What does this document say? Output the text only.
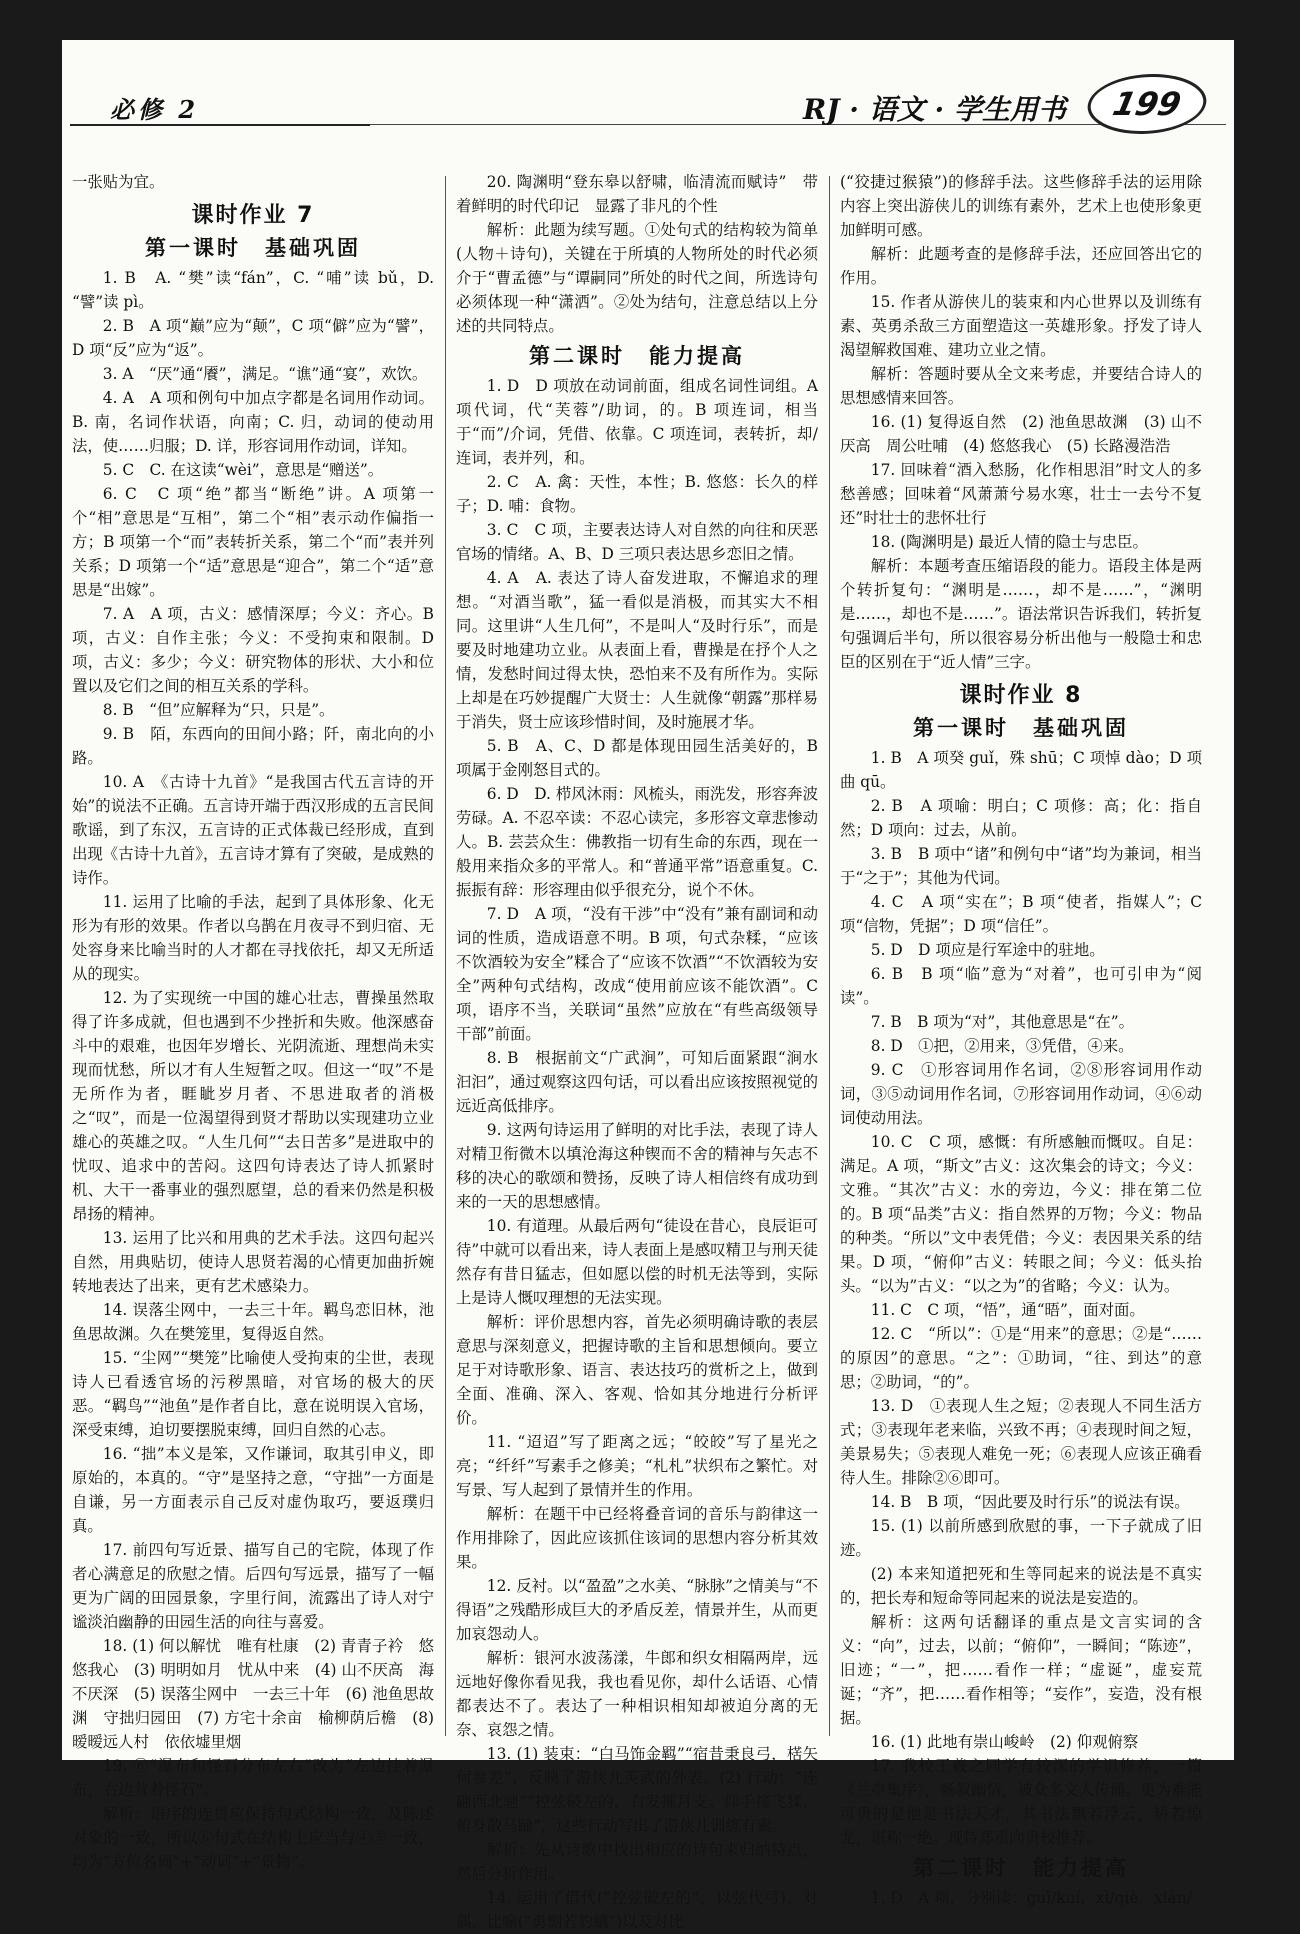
必修 2	RJ · 语文 · 学生用书 199

一张贴为宜。

课时作业 7
第一课时　基础巩固

1. B　A. “樊”读“fán”，C. “哺”读 bǔ，D. “譬”读 pì。

2. B　A 项“巅”应为“颠”，C 项“僻”应为“譬”，D 项“反”应为“返”。

3. A　“厌”通“餍”，满足。“谯”通“宴”，欢饮。

4. A　A 项和例句中加点字都是名词用作动词。B. 南，名词作状语，向南；C. 归，动词的使动用法，使……归服；D. 详，形容词用作动词，详知。

5. C　C. 在这读“wèi”，意思是“赠送”。

6. C　C 项“绝”都当“断绝”讲。A 项第一个“相”意思是“互相”，第二个“相”表示动作偏指一方；B 项第一个“而”表转折关系，第二个“而”表并列关系；D 项第一个“适”意思是“迎合”，第二个“适”意思是“出嫁”。

7. A　A 项，古义：感情深厚；今义：齐心。B 项，古义：自作主张；今义：不受拘束和限制。D 项，古义：多少；今义：研究物体的形状、大小和位置以及它们之间的相互关系的学科。

8. B　“但”应解释为“只，只是”。

9. B　陌，东西向的田间小路；阡，南北向的小路。

10. A　《古诗十九首》“是我国古代五言诗的开始”的说法不正确。五言诗开端于西汉形成的五言民间歌谣，到了东汉，五言诗的正式体裁已经形成，直到出现《古诗十九首》，五言诗才算有了突破，是成熟的诗作。

11. 运用了比喻的手法，起到了具体形象、化无形为有形的效果。作者以乌鹊在月夜寻不到归宿、无处容身来比喻当时的人才都在寻找依托，却又无所适从的现实。

12. 为了实现统一中国的雄心壮志，曹操虽然取得了许多成就，但也遇到不少挫折和失败。他深感奋斗中的艰难，也因年岁增长、光阴流逝、理想尚未实现而忧愁，所以才有人生短暂之叹。但这一“叹”不是无所作为者，睚眦岁月者、不思进取者的消极之“叹”，而是一位渴望得到贤才帮助以实现建功立业雄心的英雄之叹。“人生几何”“去日苦多”是进取中的忧叹、追求中的苦闷。这四句诗表达了诗人抓紧时机、大干一番事业的强烈愿望，总的看来仍然是积极昂扬的精神。

13. 运用了比兴和用典的艺术手法。这四句起兴自然，用典贴切，使诗人思贤若渴的心情更加曲折婉转地表达了出来，更有艺术感染力。

14. 误落尘网中，一去三十年。羁鸟恋旧林，池鱼思故渊。久在樊笼里，复得返自然。

15. “尘网”“樊笼”比喻使人受拘束的尘世，表现诗人已看透官场的污秽黑暗，对官场的极大的厌恶。“羁鸟”“池鱼”是作者自比，意在说明误入官场，深受束缚，迫切要摆脱束缚，回归自然的心志。

16. “拙”本义是笨，又作谦词，取其引申义，即原始的，本真的。“守”是坚持之意，“守拙”一方面是自谦，另一方面表示自己反对虚伪取巧，要返璞归真。

17. 前四句写近景、描写自己的宅院，体现了作者心满意足的欣慰之情。后四句写远景，描写了一幅更为广阔的田园景象，字里行间，流露出了诗人对宁谧淡泊幽静的田园生活的向往与喜爱。

18. (1) 何以解忧　唯有杜康　(2) 青青子衿　悠悠我心　(3) 明明如月　忧从中来　(4) 山不厌高　海不厌深　(5) 误落尘网中　一去三十年　(6) 池鱼思故渊　守拙归园田　(7) 方宅十余亩　榆柳荫后檐　(8) 暧暧远人村　依依墟里烟

19. ⑥“瀑布和怪石分布左右”改为“左边挂着瀑布，右边耸着怪石”。

解析：语序的连贯应保持句式结构一致，及陈述对象的一致，所以⑥句式在结构上应当与④⑤一致，均为“方位名词”+“动词”+“景物”。

20. 陶渊明“登东皋以舒啸，临清流而赋诗”　带着鲜明的时代印记　显露了非凡的个性

解析：此题为续写题。①处句式的结构较为简单(人物＋诗句)，关键在于所填的人物所处的时代必须介于“曹孟德”与“谭嗣同”所处的时代之间，所选诗句必须体现一种“潇洒”。②处为结句，注意总结以上分述的共同特点。

第二课时　能力提高

1. D　D 项放在动词前面，组成名词性词组。A 项代词，代“芙蓉”/助词，的。B 项连词，相当于“而”/介词，凭借、依靠。C 项连词，表转折，却/连词，表并列，和。

2. C　A. 禽：天性，本性；B. 悠悠：长久的样子；D. 哺：食物。

3. C　C 项，主要表达诗人对自然的向往和厌恶官场的情绪。A、B、D 三项只表达思乡恋旧之情。

4. A　A. 表达了诗人奋发进取，不懈追求的理想。“对酒当歌”，猛一看似是消极，而其实大不相同。这里讲“人生几何”，不是叫人“及时行乐”，而是要及时地建功立业。从表面上看，曹操是在抒个人之情，发愁时间过得太快，恐怕来不及有所作为。实际上却是在巧妙提醒广大贤士：人生就像“朝露”那样易于消失，贤士应该珍惜时间，及时施展才华。

5. B　A、C、D 都是体现田园生活美好的，B 项属于金刚怒目式的。

6. D　D. 栉风沐雨：风梳头，雨洗发，形容奔波劳碌。A. 不忍卒读：不忍心读完，多形容文章悲惨动人。B. 芸芸众生：佛教指一切有生命的东西，现在一般用来指众多的平常人。和“普通平常”语意重复。C. 振振有辞：形容理由似乎很充分，说个不休。

7. D　A 项，“没有干涉”中“没有”兼有副词和动词的性质，造成语意不明。B 项，句式杂糅，“应该不饮酒较为安全”糅合了“应该不饮酒”“不饮酒较为安全”两种句式结构，改成“使用前应该不能饮酒”。C 项，语序不当，关联词“虽然”应放在“有些高级领导干部”前面。

8. B　根据前文“广武涧”，可知后面紧跟“涧水汩汩”，通过观察这四句话，可以看出应该按照视觉的远近高低排序。

9. 这两句诗运用了鲜明的对比手法，表现了诗人对精卫衔微木以填沧海这种锲而不舍的精神与矢志不移的决心的歌颂和赞扬，反映了诗人相信终有成功到来的一天的思想感情。

10. 有道理。从最后两句“徒设在昔心，良辰讵可待”中就可以看出来，诗人表面上是感叹精卫与刑天徒然存有昔日猛志，但如愿以偿的时机无法等到，实际上是诗人慨叹理想的无法实现。

解析：评价思想内容，首先必须明确诗歌的表层意思与深刻意义，把握诗歌的主旨和思想倾向。要立足于对诗歌形象、语言、表达技巧的赏析之上，做到全面、准确、深入、客观、恰如其分地进行分析评价。

11. “迢迢”写了距离之远；“皎皎”写了星光之亮；“纤纤”写素手之修美；“札札”状织布之繁忙。对写景、写人起到了景情并生的作用。

解析：在题干中已经将叠音词的音乐与韵律这一作用排除了，因此应该抓住该词的思想内容分析其效果。

12. 反衬。以“盈盈”之水美、“脉脉”之情美与“不得语”之残酷形成巨大的矛盾反差，情景并生，从而更加哀怨动人。

解析：银河水波荡漾，牛郎和织女相隔两岸，远远地好像你看见我，我也看见你，却什么话语、心情都表达不了。表达了一种相识相知却被迫分离的无奈、哀怨之情。

13. (1) 装束：“白马饰金羁”“宿昔秉良弓，楛矢何参差”，反映了游侠儿英武的外表。(2) 行动：“连翩西北驰”“控弦破左的，右发摧月支。仰手接飞猱，俯身散马蹄”，这些行动写出了游侠儿训练有素。

解析：先从诗歌中找出相应的诗句来归纳特点，然后分析作用。

14. 运用了借代(“控弦破左的”，以弦代弓)、对偶、比喻(“勇剽若豹螭”)以及对比

(“狡捷过猴猿”)的修辞手法。这些修辞手法的运用除内容上突出游侠儿的训练有素外，艺术上也使形象更加鲜明可感。

解析：此题考查的是修辞手法，还应回答出它的作用。

15. 作者从游侠儿的装束和内心世界以及训练有素、英勇杀敌三方面塑造这一英雄形象。抒发了诗人渴望解救国难、建功立业之情。

解析：答题时要从全文来考虑，并要结合诗人的思想感情来回答。

16. (1) 复得返自然　(2) 池鱼思故渊　(3) 山不厌高　周公吐哺　(4) 悠悠我心　(5) 长路漫浩浩

17. 回味着“酒入愁肠，化作相思泪”时文人的多愁善感；回味着“风萧萧兮易水寒，壮士一去兮不复还”时壮士的悲怀壮行

18. (陶渊明是) 最近人情的隐士与忠臣。

解析：本题考查压缩语段的能力。语段主体是两个转折复句：“渊明是……，却不是……”，“渊明是……，却也不是……”。语法常识告诉我们，转折复句强调后半句，所以很容易分析出他与一般隐士和忠臣的区别在于“近人情”三字。

课时作业 8
第一课时　基础巩固

1. B　A 项癸 guǐ，殊 shū；C 项悼 dào；D 项曲 qū。

2. B　A 项喻：明白；C 项修：高；化：指自然；D 项向：过去，从前。

3. B　B 项中“诸”和例句中“诸”均为兼词，相当于“之于”；其他为代词。

4. C　A 项“实在”；B 项“使者，指媒人”；C 项“信物，凭据”；D 项“信任”。

5. D　D 项应是行军途中的驻地。

6. B　B 项“临”意为“对着”，也可引申为“阅读”。

7. B　B 项为“对”，其他意思是“在”。

8. D　①把，②用来，③凭借，④来。

9. C　①形容词用作名词，②⑧形容词用作动词，③⑤动词用作名词，⑦形容词用作动词，④⑥动词使动用法。

10. C　C 项，感慨：有所感触而慨叹。自足：满足。A 项，“斯文”古义：这次集会的诗文；今义：文雅。“其次”古义：水的旁边，今义：排在第二位的。B 项“品类”古义：指自然界的万物；今义：物品的种类。“所以”文中表凭借；今义：表因果关系的结果。D 项，“俯仰”古义：转眼之间；今义：低头抬头。“以为”古义：“以之为”的省略；今义：认为。

11. C　C 项，“悟”，通“晤”，面对面。

12. C　“所以”：①是“用来”的意思；②是“……的原因”的意思。“之”：①助词，“往、到达”的意思；②助词，“的”。

13. D　①表现人生之短；②表现人不同生活方式；③表现年老来临，兴致不再；④表现时间之短，美景易失；⑤表现人难免一死；⑥表现人应该正确看待人生。排除②⑥即可。

14. B　B 项，“因此要及时行乐”的说法有误。

15. (1) 以前所感到欣慰的事，一下子就成了旧迹。

(2) 本来知道把死和生等同起来的说法是不真实的，把长寿和短命等同起来的说法是妄造的。

解析：这两句话翻译的重点是文言实词的含义：“向”，过去，以前；“俯仰”，一瞬间；“陈迹”，旧迹；“一”，把……看作一样；“虚诞”，虚妄荒诞；“齐”，把……看作相等；“妄作”，妄造，没有根据。

16. (1) 此地有崇山峻岭　(2) 仰观俯察

17. 我校王羲之同学有较深的学识修养，一篇《兰亭集序》，畅叙幽情，被众多文人传诵。更为难能可贵的是他是书法天才，其书法飘若浮云，矫若惊龙，堪称一绝。现特郑重向贵校推荐。

第二课时　能力提高

1. D　A 项，分别读：guī/kuí，xì/qiè，xián/
